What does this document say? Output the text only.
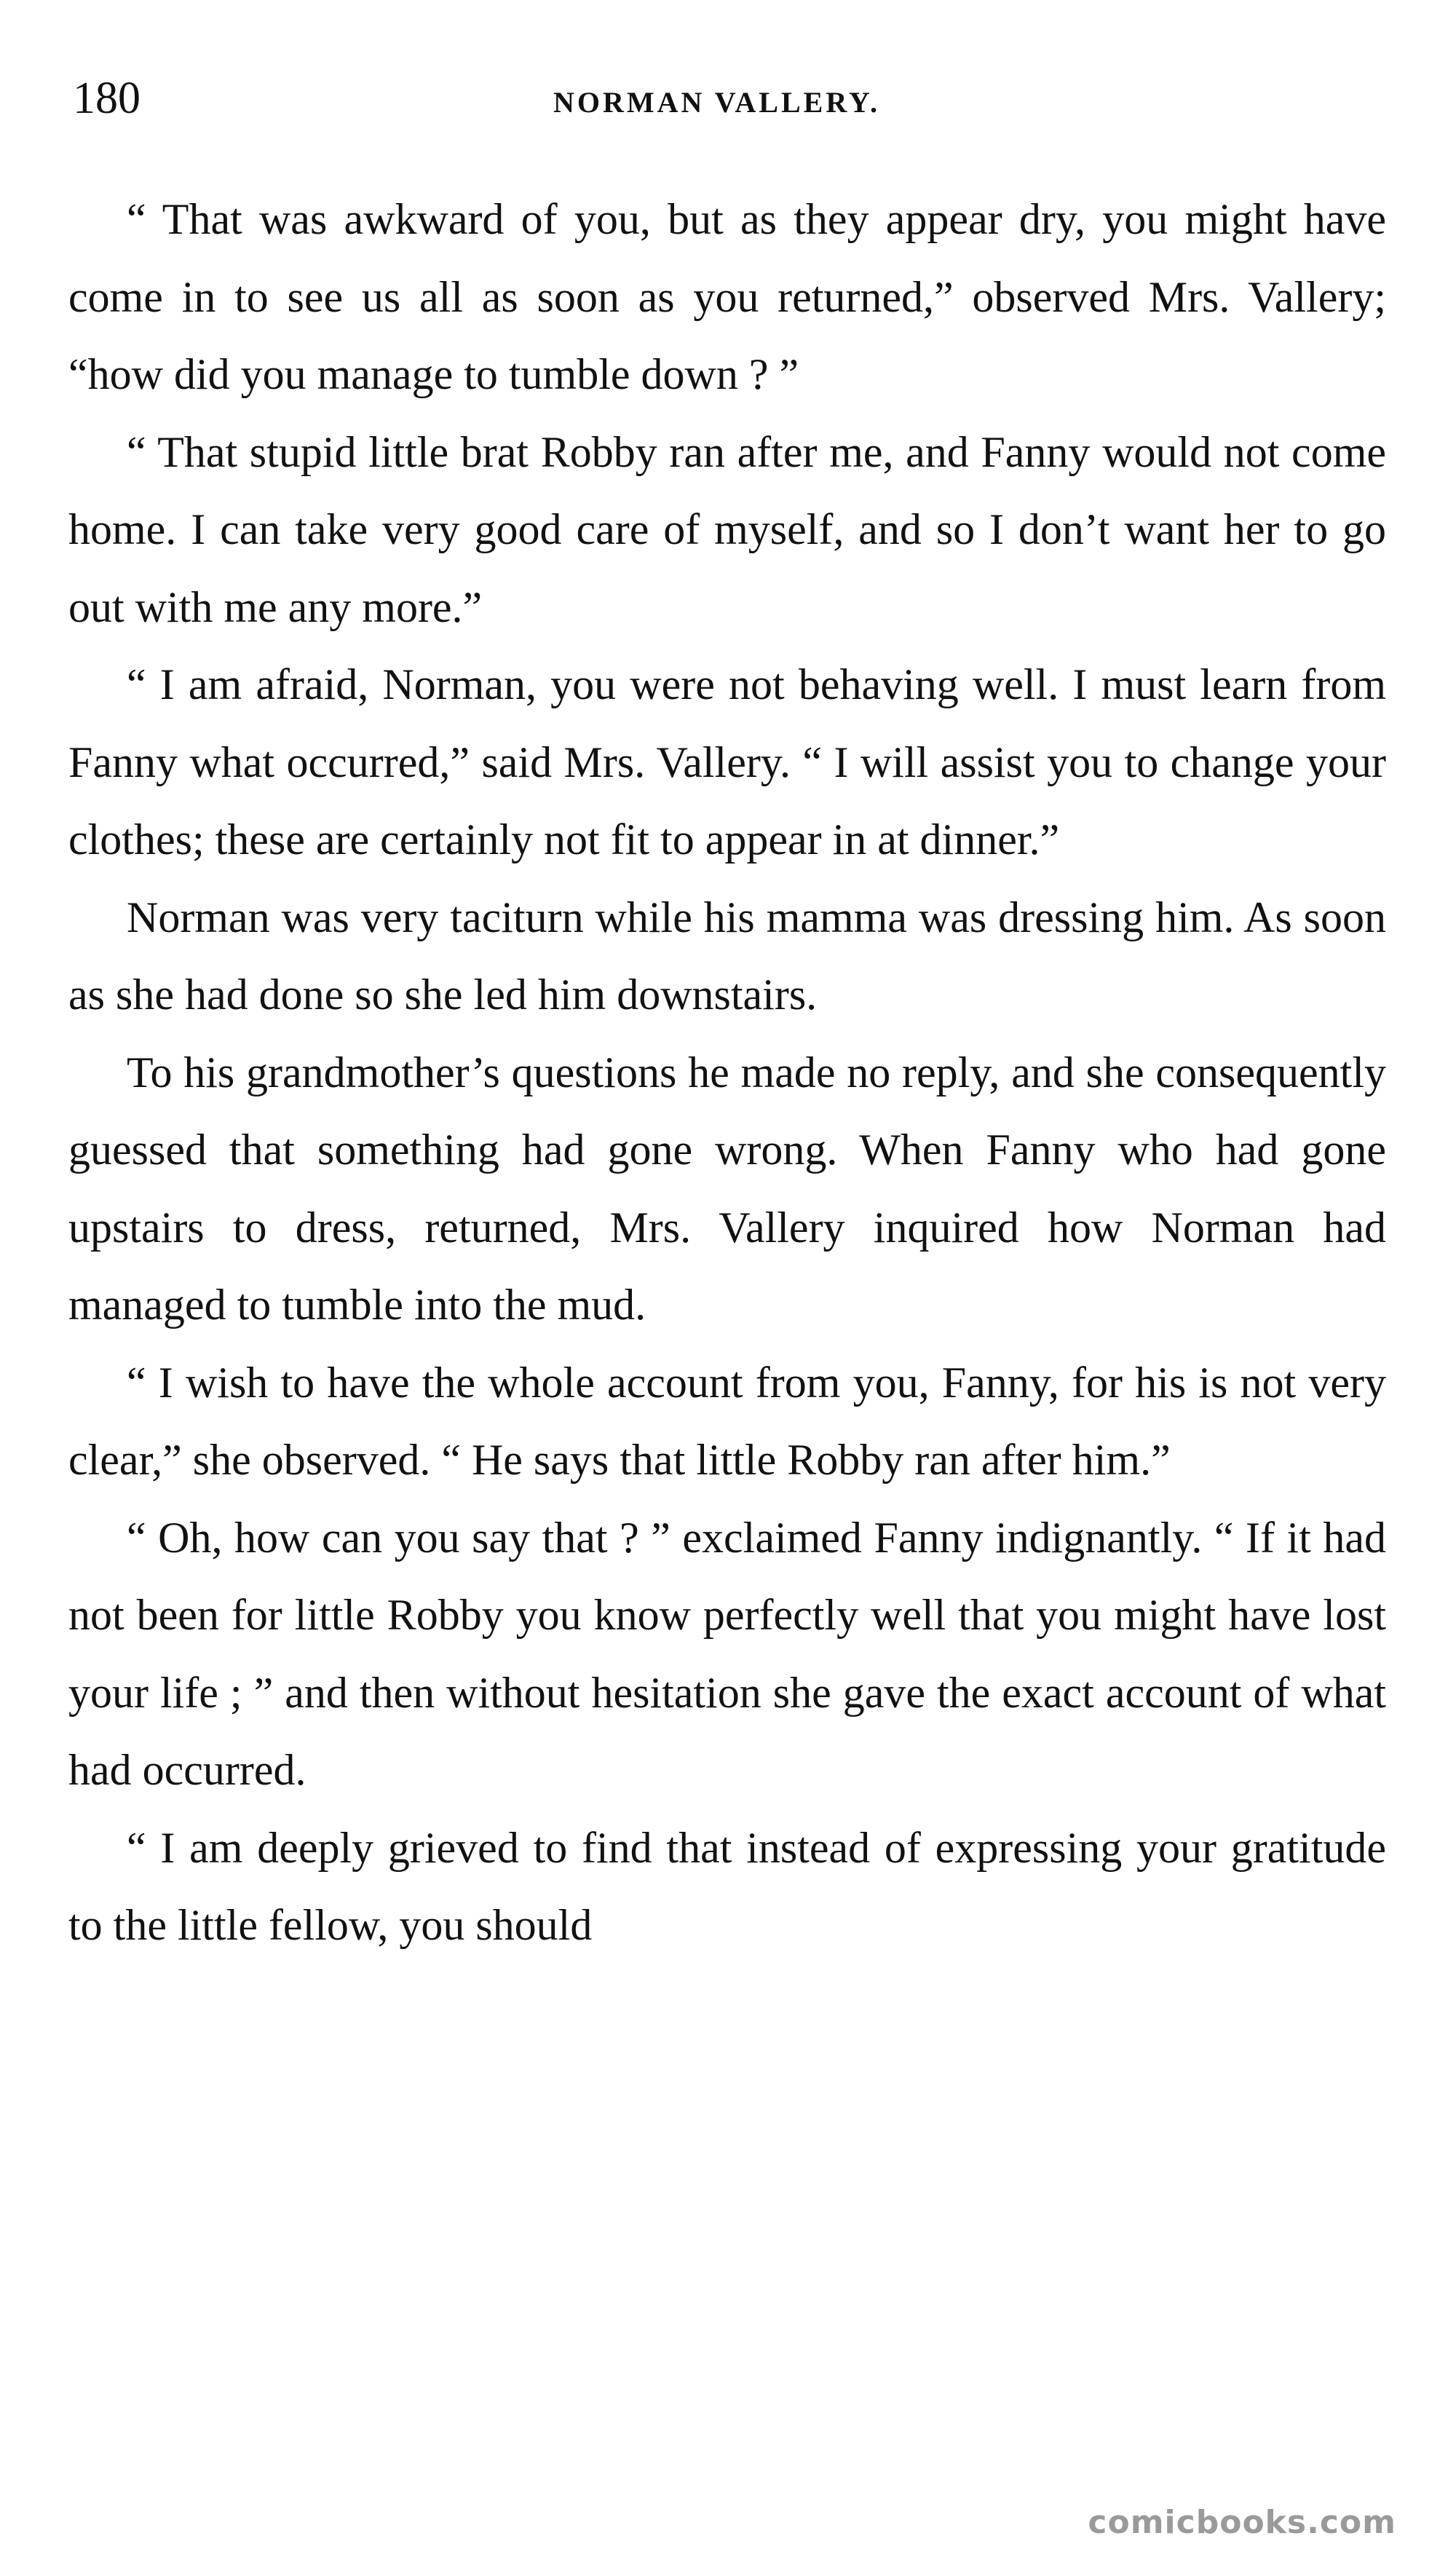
180	NORMAN VALLERY.

“ That was awkward of you, but as they appear dry, you might have come in to see us all as soon as you returned,” observed Mrs. Vallery; “how did you manage to tumble down ? ”

“ That stupid little brat Robby ran after me, and Fanny would not come home. I can take very good care of myself, and so I don’t want her to go out with me any more.”

“ I am afraid, Norman, you were not behaving well. I must learn from Fanny what occurred,” said Mrs. Vallery. “ I will assist you to change your clothes; these are certainly not fit to appear in at dinner.”

Norman was very taciturn while his mamma was dressing him. As soon as she had done so she led him downstairs.

To his grandmother’s questions he made no reply, and she consequently guessed that something had gone wrong. When Fanny who had gone upstairs to dress, returned, Mrs. Vallery inquired how Norman had managed to tumble into the mud.

“ I wish to have the whole account from you, Fanny, for his is not very clear,” she observed. “ He says that little Robby ran after him.”

“ Oh, how can you say that ? ” exclaimed Fanny indignantly. “ If it had not been for little Robby you know perfectly well that you might have lost your life ; ” and then without hesitation she gave the exact account of what had occurred.

“ I am deeply grieved to find that instead of expressing your gratitude to the little fellow, you should

comicbooks.com
